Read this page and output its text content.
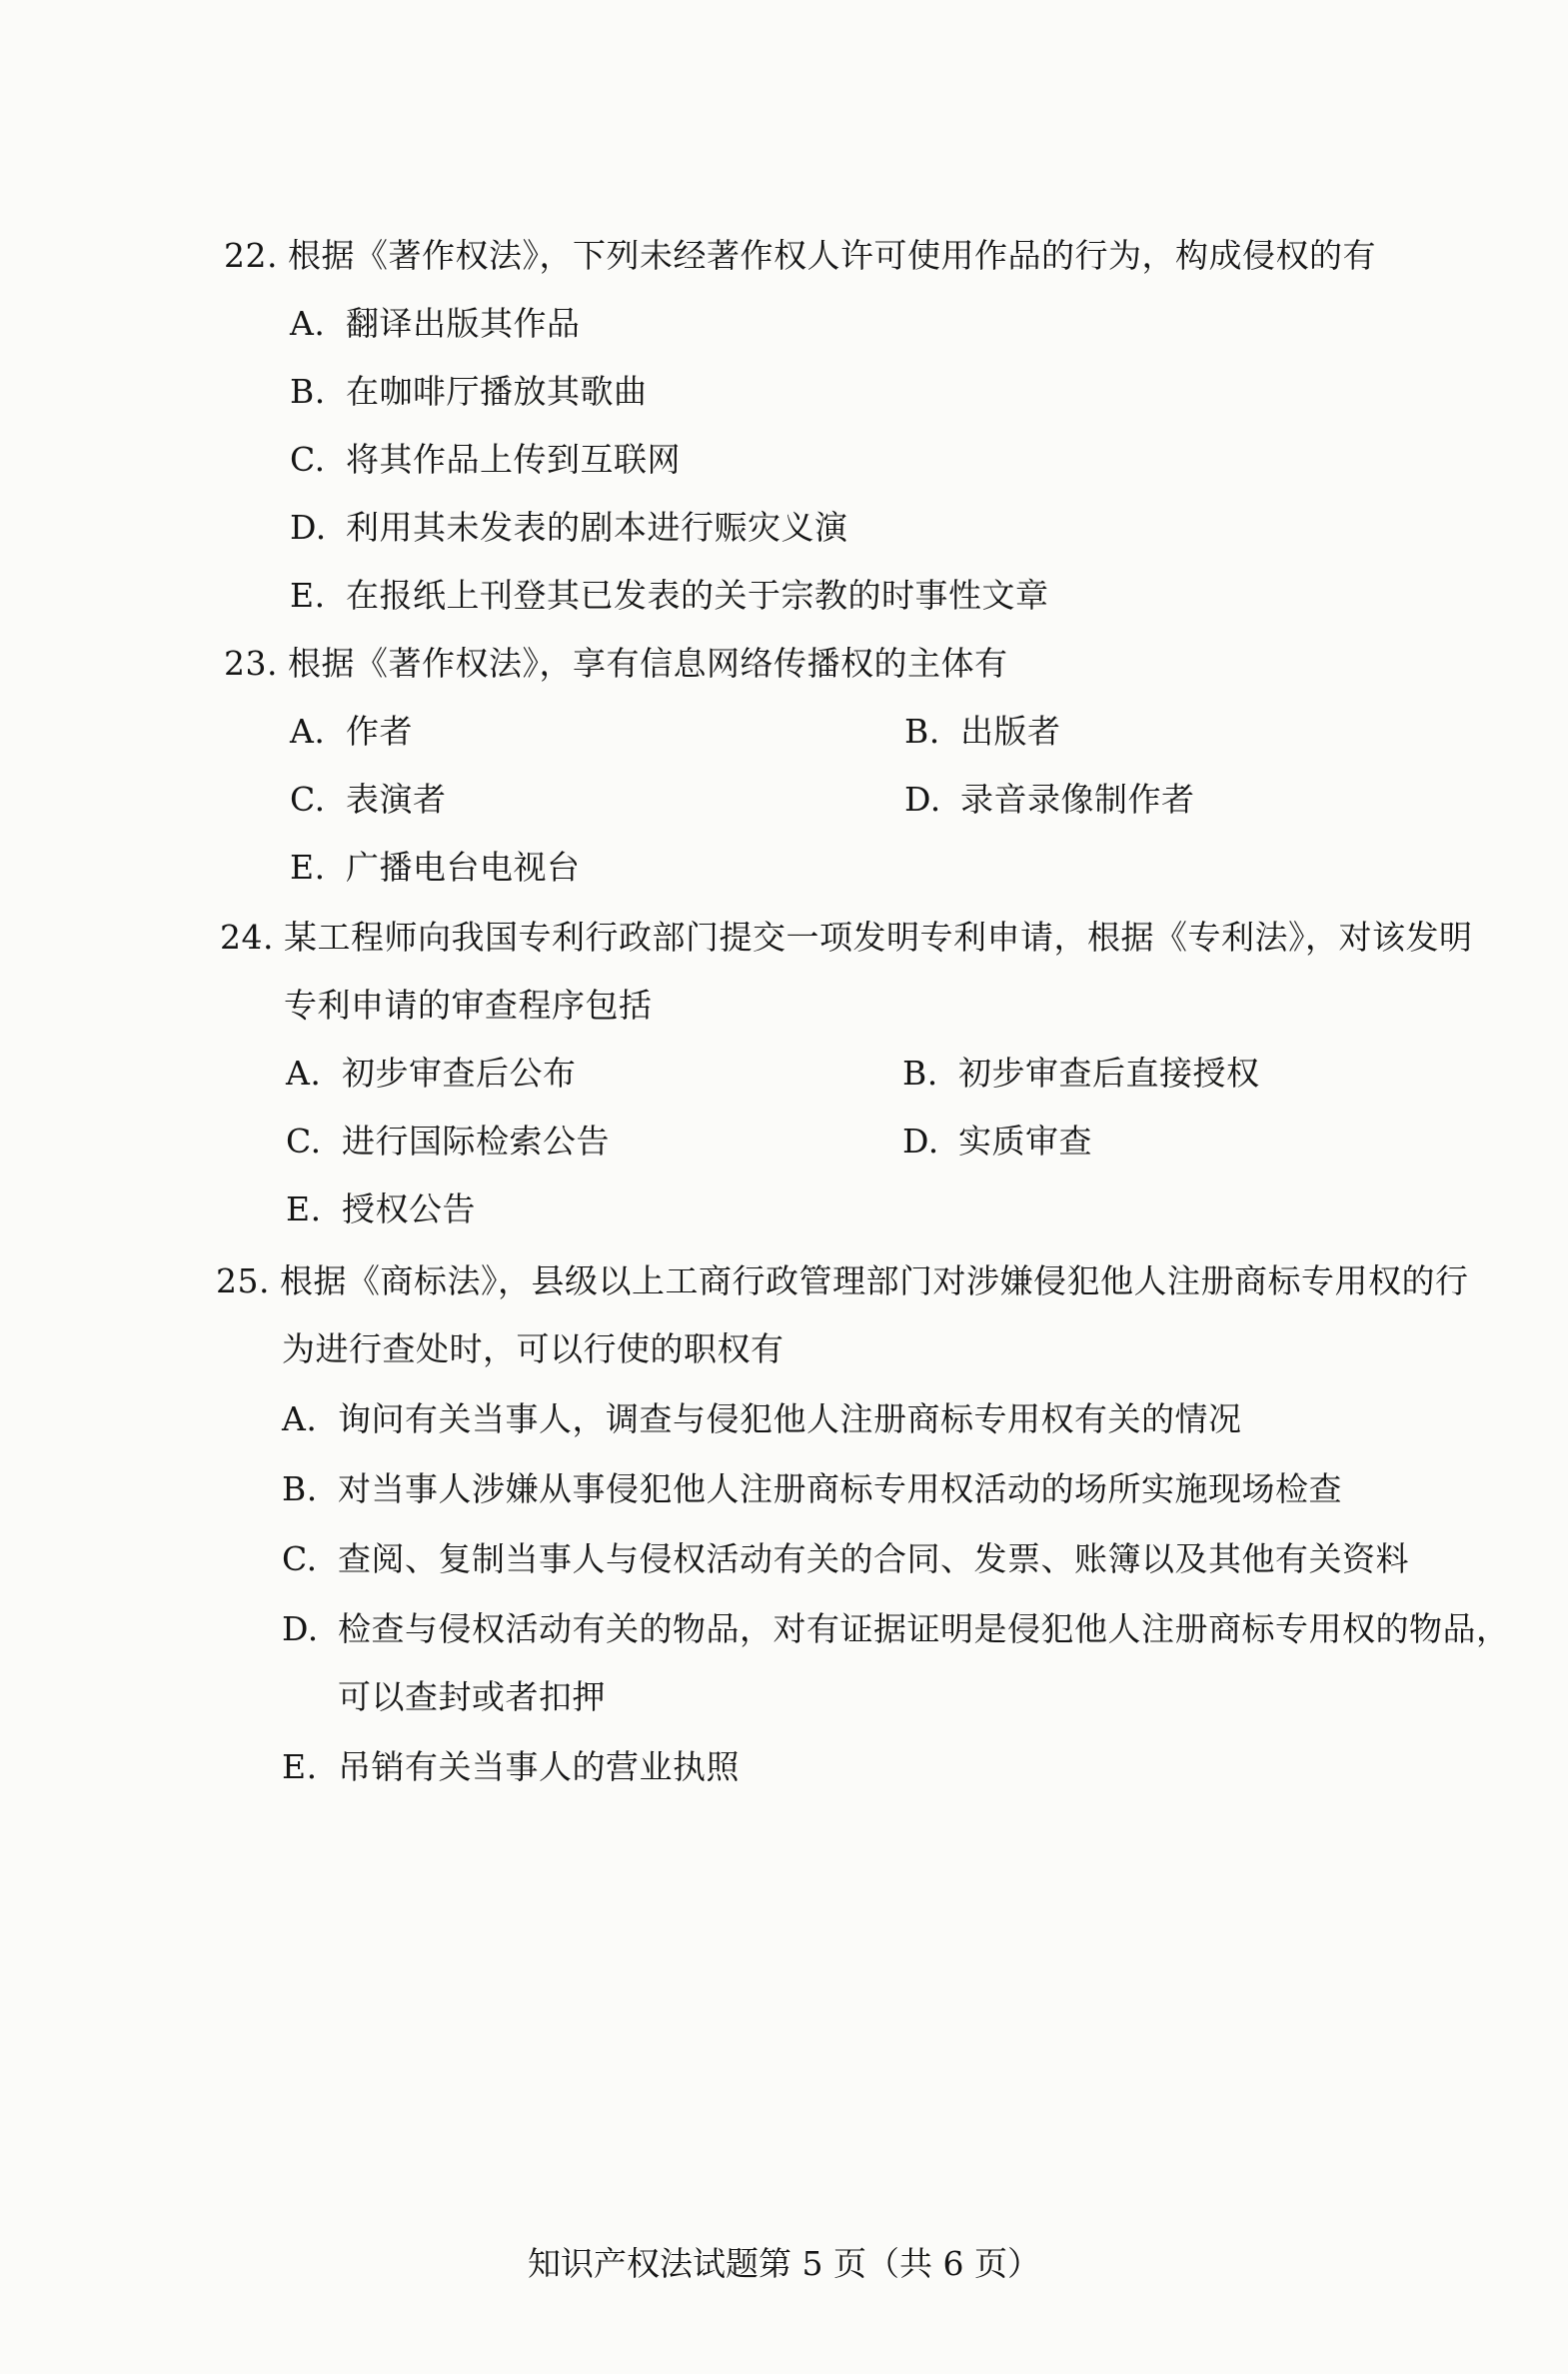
22. 根据《著作权法》，下列未经著作权人许可使用作品的行为，构成侵权的有
A. 翻译出版其作品
B. 在咖啡厅播放其歌曲
C. 将其作品上传到互联网
D. 利用其未发表的剧本进行赈灾义演
E. 在报纸上刊登其已发表的关于宗教的时事性文章
23. 根据《著作权法》，享有信息网络传播权的主体有
A. 作者	B. 出版者
C. 表演者	D. 录音录像制作者
E. 广播电台电视台
24. 某工程师向我国专利行政部门提交一项发明专利申请，根据《专利法》，对该发明
专利申请的审查程序包括
A. 初步审查后公布	B. 初步审查后直接授权
C. 进行国际检索公告	D. 实质审查
E. 授权公告
25. 根据《商标法》，县级以上工商行政管理部门对涉嫌侵犯他人注册商标专用权的行
为进行查处时，可以行使的职权有
A. 询问有关当事人，调查与侵犯他人注册商标专用权有关的情况
B. 对当事人涉嫌从事侵犯他人注册商标专用权活动的场所实施现场检查
C. 查阅、复制当事人与侵权活动有关的合同、发票、账簿以及其他有关资料
D. 检查与侵权活动有关的物品，对有证据证明是侵犯他人注册商标专用权的物品，
可以查封或者扣押
E. 吊销有关当事人的营业执照
知识产权法试题第 5 页（共 6 页）
